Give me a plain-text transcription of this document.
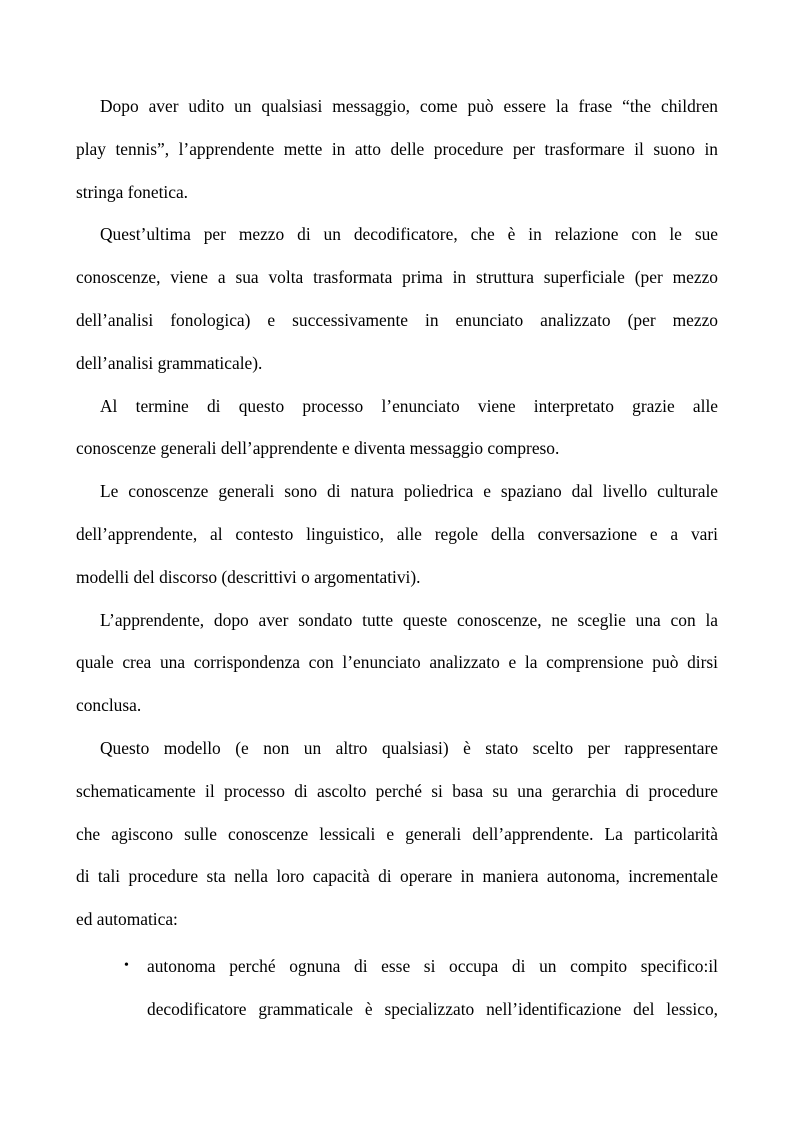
Dopo aver udito un qualsiasi messaggio, come può essere la frase “the children
play tennis”, l’apprendente mette in atto delle procedure per trasformare il suono in
stringa fonetica.
Quest’ultima per mezzo di un decodificatore, che è in relazione con le sue
conoscenze, viene a sua volta trasformata prima in struttura superficiale (per mezzo
dell’analisi fonologica) e successivamente in enunciato analizzato (per mezzo
dell’analisi grammaticale).
Al termine di questo processo l’enunciato viene interpretato grazie alle
conoscenze generali dell’apprendente e diventa messaggio compreso.
Le conoscenze generali sono di natura poliedrica e spaziano dal livello culturale
dell’apprendente, al contesto linguistico, alle regole della conversazione e a vari
modelli del discorso (descrittivi o argomentativi).
L’apprendente, dopo aver sondato tutte queste conoscenze, ne sceglie una con la
quale crea una corrispondenza con l’enunciato analizzato e la comprensione può dirsi
conclusa.
Questo modello (e non un altro qualsiasi) è stato scelto per rappresentare
schematicamente il processo di ascolto perché si basa su una gerarchia di procedure
che agiscono sulle conoscenze lessicali e generali dell’apprendente. La particolarità
di tali procedure sta nella loro capacità di operare in maniera autonoma, incrementale
ed automatica:
• autonoma perché ognuna di esse si occupa di un compito specifico:il
decodificatore grammaticale è specializzato nell’identificazione del lessico,
